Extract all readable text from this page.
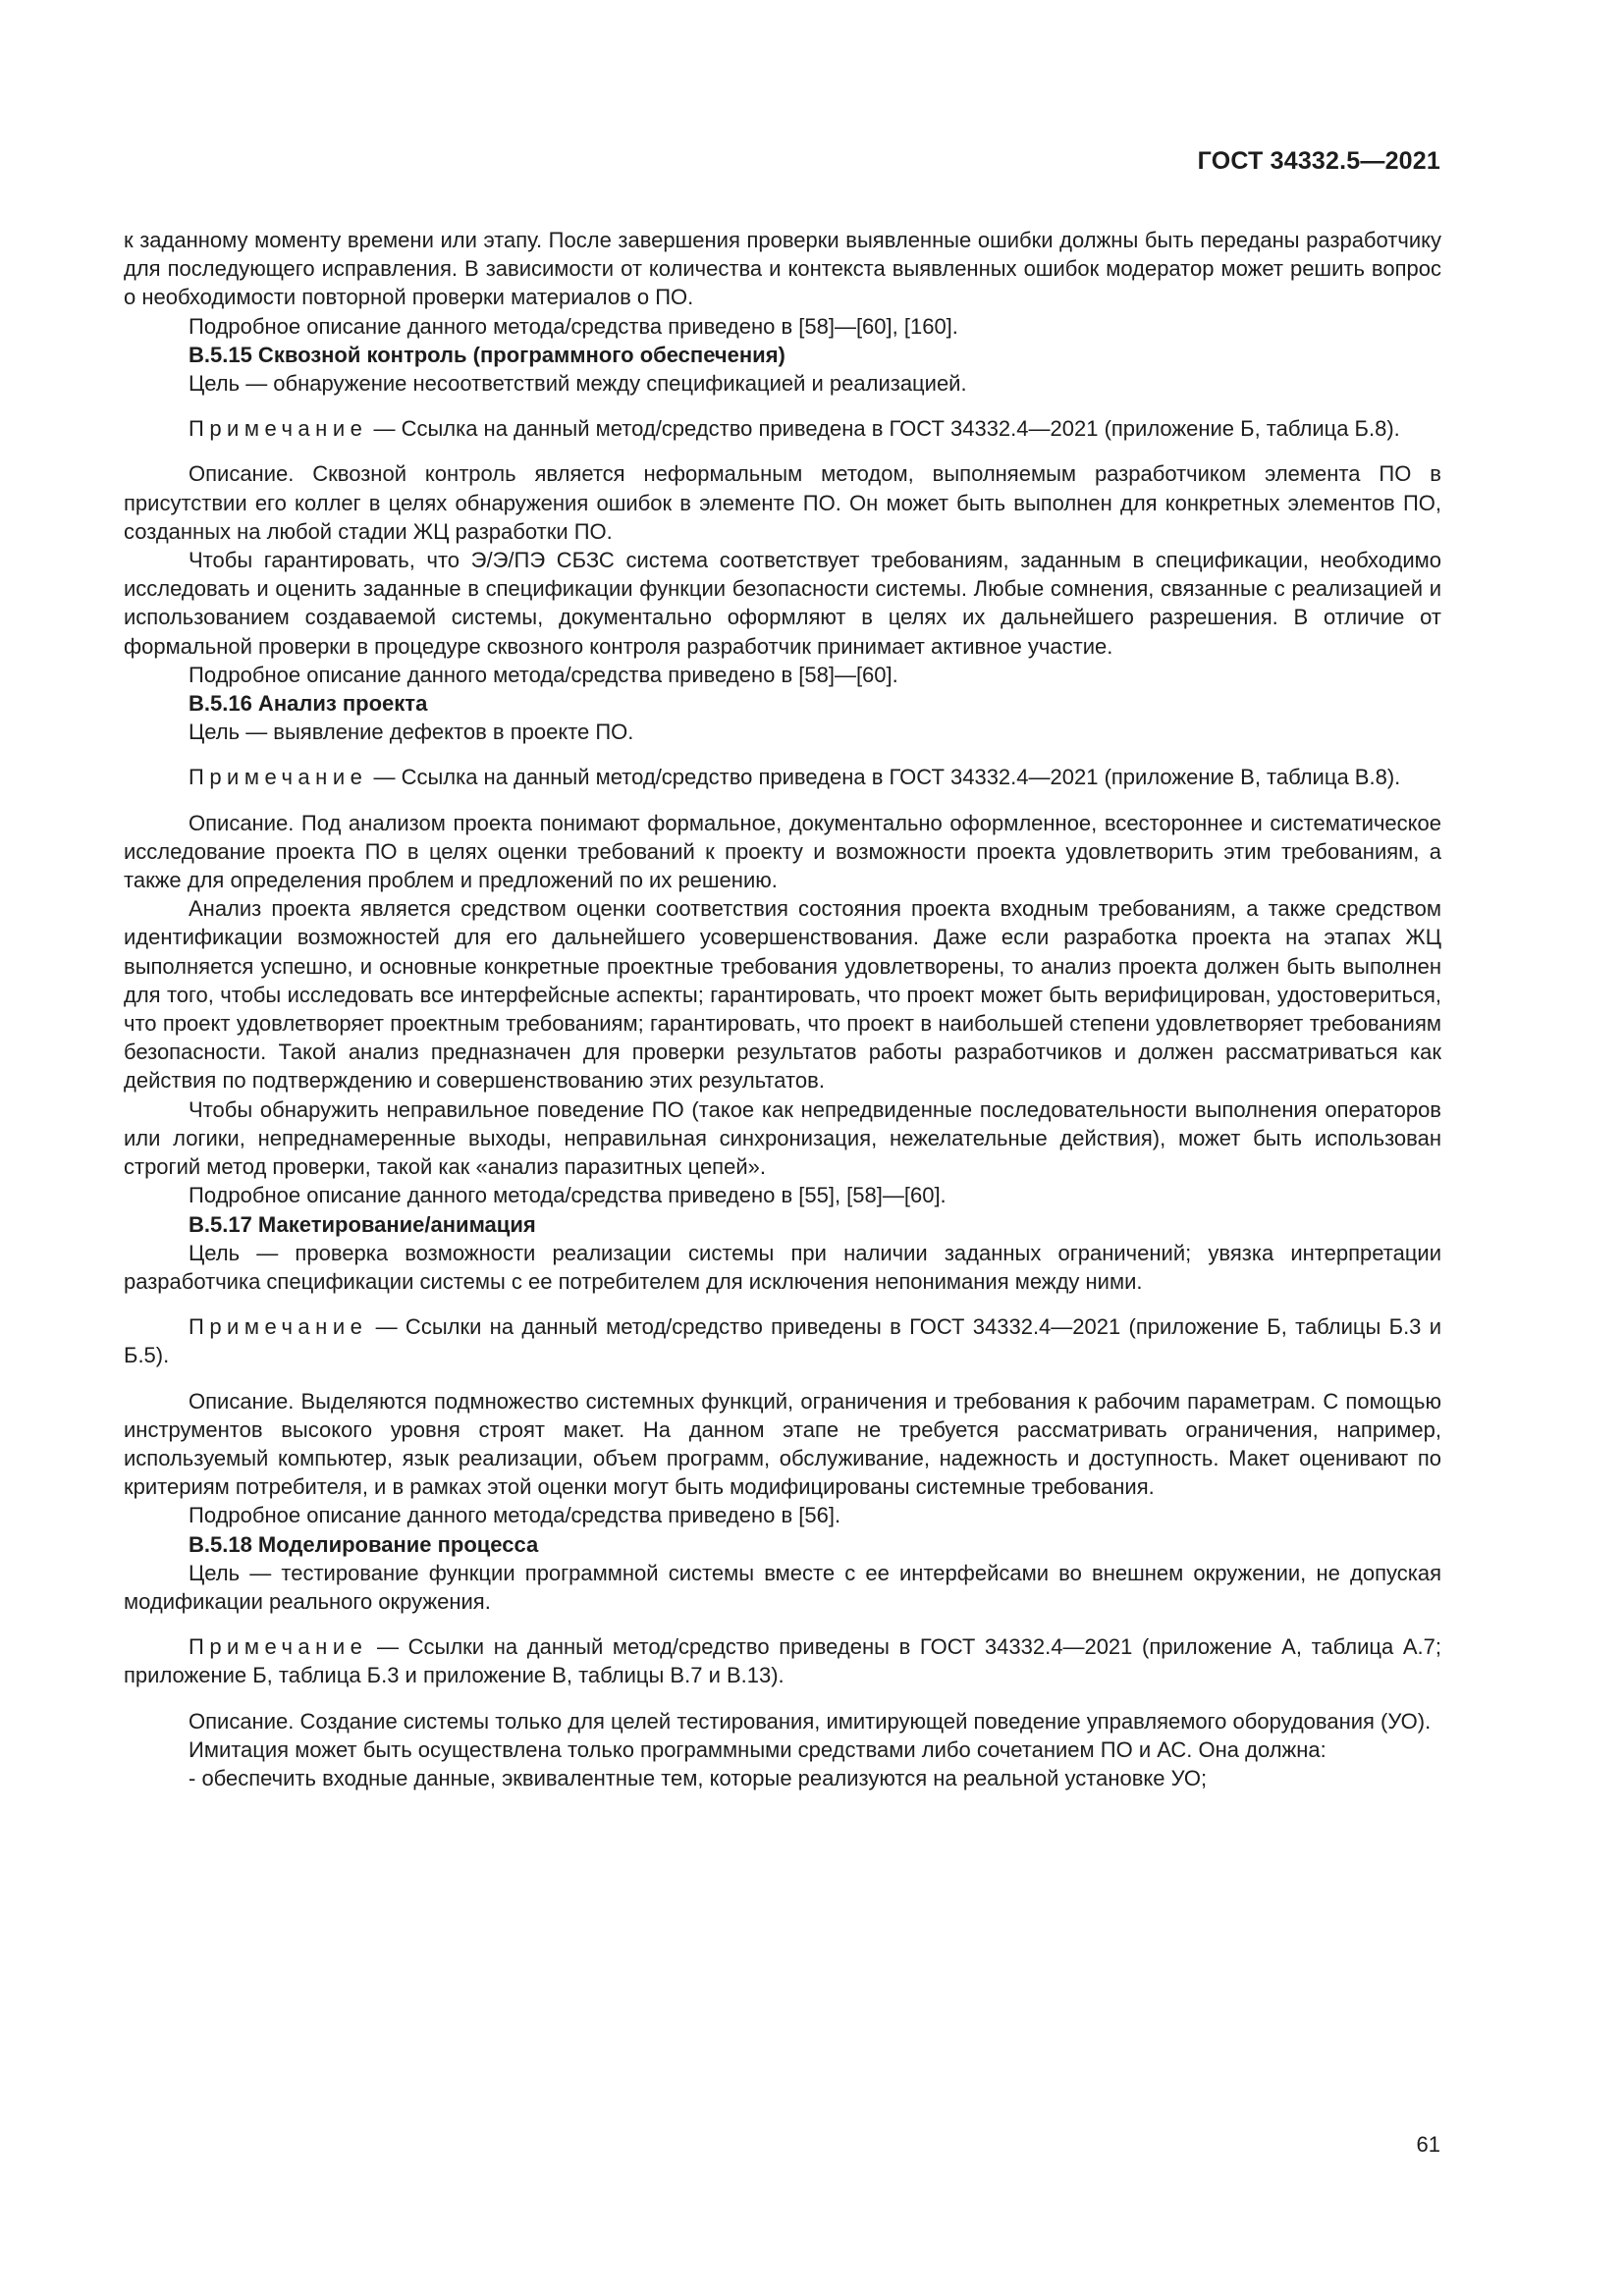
ГОСТ 34332.5—2021

к заданному моменту времени или этапу. После завершения проверки выявленные ошибки должны быть переданы разработчику для последующего исправления. В зависимости от количества и контекста выявленных ошибок модератор может решить вопрос о необходимости повторной проверки материалов о ПО.

Подробное описание данного метода/средства приведено в [58]—[60], [160].

В.5.15 Сквозной контроль (программного обеспечения)

Цель — обнаружение несоответствий между спецификацией и реализацией.

Примечание — Ссылка на данный метод/средство приведена в ГОСТ 34332.4—2021 (приложение Б, таблица Б.8).

Описание. Сквозной контроль является неформальным методом, выполняемым разработчиком элемента ПО в присутствии его коллег в целях обнаружения ошибок в элементе ПО. Он может быть выполнен для конкретных элементов ПО, созданных на любой стадии ЖЦ разработки ПО.

Чтобы гарантировать, что Э/Э/ПЭ СБЗС система соответствует требованиям, заданным в спецификации, необходимо исследовать и оценить заданные в спецификации функции безопасности системы. Любые сомнения, связанные с реализацией и использованием создаваемой системы, документально оформляют в целях их дальнейшего разрешения. В отличие от формальной проверки в процедуре сквозного контроля разработчик принимает активное участие.

Подробное описание данного метода/средства приведено в [58]—[60].

В.5.16 Анализ проекта

Цель — выявление дефектов в проекте ПО.

Примечание — Ссылка на данный метод/средство приведена в ГОСТ 34332.4—2021 (приложение В, таблица В.8).

Описание. Под анализом проекта понимают формальное, документально оформленное, всестороннее и систематическое исследование проекта ПО в целях оценки требований к проекту и возможности проекта удовлетворить этим требованиям, а также для определения проблем и предложений по их решению.

Анализ проекта является средством оценки соответствия состояния проекта входным требованиям, а также средством идентификации возможностей для его дальнейшего усовершенствования. Даже если разработка проекта на этапах ЖЦ выполняется успешно, и основные конкретные проектные требования удовлетворены, то анализ проекта должен быть выполнен для того, чтобы исследовать все интерфейсные аспекты; гарантировать, что проект может быть верифицирован, удостовериться, что проект удовлетворяет проектным требованиям; гарантировать, что проект в наибольшей степени удовлетворяет требованиям безопасности. Такой анализ предназначен для проверки результатов работы разработчиков и должен рассматриваться как действия по подтверждению и совершенствованию этих результатов.

Чтобы обнаружить неправильное поведение ПО (такое как непредвиденные последовательности выполнения операторов или логики, непреднамеренные выходы, неправильная синхронизация, нежелательные действия), может быть использован строгий метод проверки, такой как «анализ паразитных цепей».

Подробное описание данного метода/средства приведено в [55], [58]—[60].

В.5.17 Макетирование/анимация

Цель — проверка возможности реализации системы при наличии заданных ограничений; увязка интерпретации разработчика спецификации системы с ее потребителем для исключения непонимания между ними.

Примечание — Ссылки на данный метод/средство приведены в ГОСТ 34332.4—2021 (приложение Б, таблицы Б.3 и Б.5).

Описание. Выделяются подмножество системных функций, ограничения и требования к рабочим параметрам. С помощью инструментов высокого уровня строят макет. На данном этапе не требуется рассматривать ограничения, например, используемый компьютер, язык реализации, объем программ, обслуживание, надежность и доступность. Макет оценивают по критериям потребителя, и в рамках этой оценки могут быть модифицированы системные требования.

Подробное описание данного метода/средства приведено в [56].

В.5.18 Моделирование процесса

Цель — тестирование функции программной системы вместе с ее интерфейсами во внешнем окружении, не допуская модификации реального окружения.

Примечание — Ссылки на данный метод/средство приведены в ГОСТ 34332.4—2021 (приложение А, таблица А.7; приложение Б, таблица Б.3 и приложение В, таблицы В.7 и В.13).

Описание. Создание системы только для целей тестирования, имитирующей поведение управляемого оборудования (УО).

Имитация может быть осуществлена только программными средствами либо сочетанием ПО и АС. Она должна:

- обеспечить входные данные, эквивалентные тем, которые реализуются на реальной установке УО;

61
